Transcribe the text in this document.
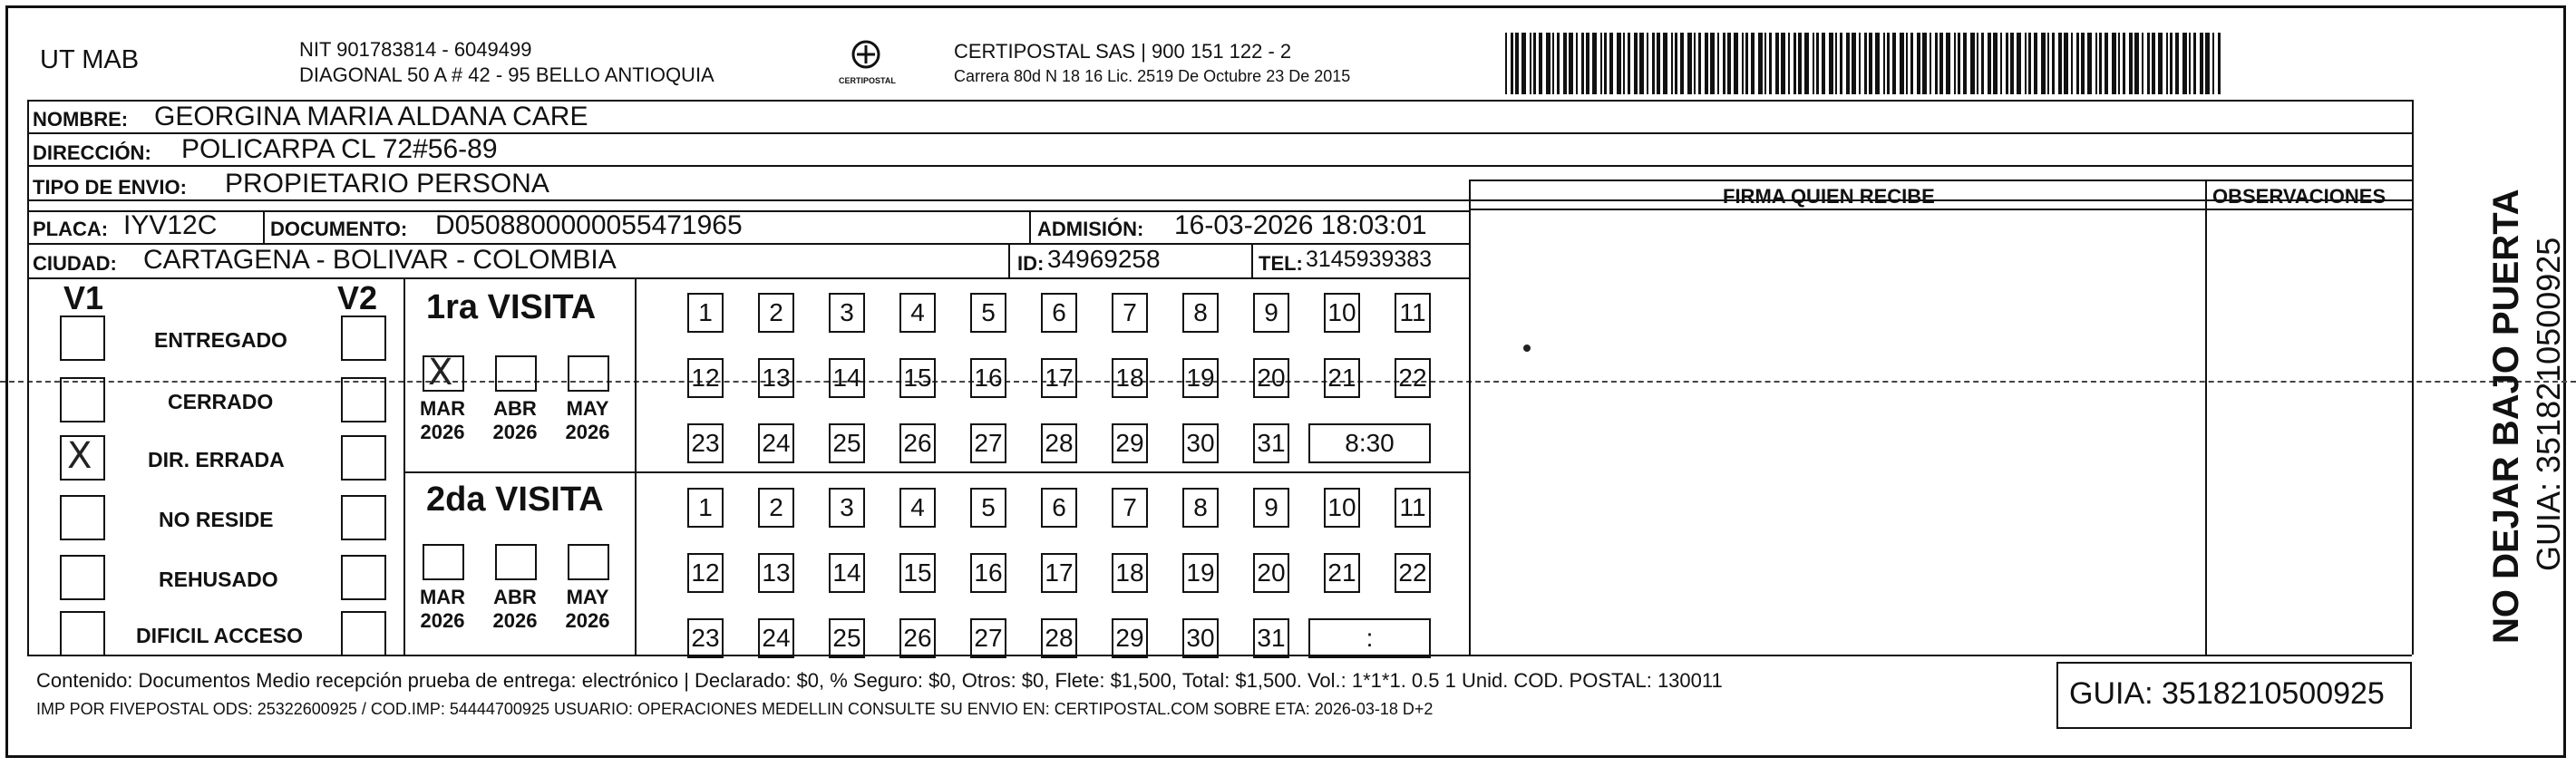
UT MAB	NIT 901783814 - 6049499
DIAGONAL 50 A # 42 - 95 BELLO ANTIOQUIA	CERTIPOSTAL
CERTIPOSTAL SAS | 900 151 122 - 2
Carrera 80d N 18 16 Lic. 2519 De Octubre 23 De 2015
NOMBRE: GEORGINA MARIA ALDANA CARE
DIRECCIÓN: POLICARPA CL 72#56-89
TIPO DE ENVIO: PROPIETARIO PERSONA
PLACA: IYV12C	DOCUMENTO: D0508800000055471965	ADMISIÓN: 16-03-2026 18:03:01
CIUDAD: CARTAGENA - BOLIVAR - COLOMBIA	ID: 34969258	TEL: 3145939383
FIRMA QUIEN RECIBE	OBSERVACIONES
V1	V2
ENTREGADO
CERRADO
X	DIR. ERRADA
NO RESIDE
REHUSADO
DIFICIL ACCESO
1ra VISITA
2da VISITA
X
MAR
2026
ABR
2026
MAY
2026
1	2	3	4	5	6	7	8	9	10 11
12 13 14 15 16 17 18 19 20 21 22
23 24 25 26 27 28 29 30 31	8:30
MAR
2026
ABR
2026
MAY
2026
1	2	3	4	5	6	7	8	9	10 11
12 13 14 15 16 17 18 19 20 21 22
23 24 25 26 27 28 29 30 31	:
Contenido: Documentos Medio recepción prueba de entrega: electrónico | Declarado: $0, % Seguro: $0, Otros: $0, Flete: $1,500, Total: $1,500. Vol.: 1*1*1. 0.5 1 Unid. COD. POSTAL: 130011
IMP POR FIVEPOSTAL ODS: 25322600925 / COD.IMP: 54444700925 USUARIO: OPERACIONES MEDELLIN CONSULTE SU ENVIO EN: CERTIPOSTAL.COM SOBRE ETA: 2026-03-18 D+2	GUIA: 3518210500925
NO DEJAR BAJO PUERTA GUIA: 3518210500925
